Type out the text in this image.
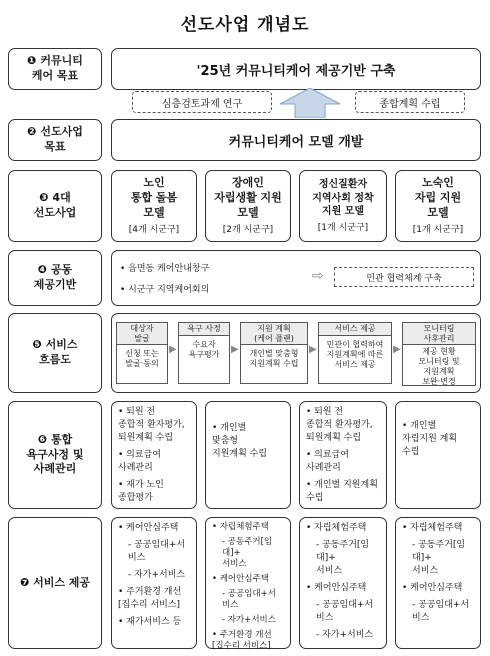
선도사업 개념도
❶ 커뮤니티
케어 목표	'25년 커뮤니티케어 제공기반 구축
심층검토과제 연구	종합계획 수립
❷ 선도사업
목표	커뮤니티케어 모델 개발
❸ 4대
선도사업
노인
통합 돌봄
모델
[4개 시군구]
장애인
자립생활 지원
모델
[2개 시군구]
정신질환자
지역사회 정착
지원 모델
[1개 시군구]
노숙인
자립 지원
모델
[1개 시군구]
❹ 공동
제공기반
• 읍면동 케어안내창구
• 시군구 지역케어회의
⇨	민관 협력체계 구축
❺ 서비스
흐름도
대상자
발굴
신청 또는
발굴·동의
▶
욕구 사정
수요자
욕구평가	▶
지원 계획
(케어 플랜)
개인별 맞춤형
지원계획 수립
▶
서비스 제공
민관이 협력하여
지원계획에 따른
서비스 제공
▶
모니터링
사후관리
제공 현황
모니터링 및
지원계획
보완·변경
❻ 통합
욕구사정 및
사례관리
• 퇴원 전
종합적 환자평가,
퇴원계획 수립
• 의료급여
사례관리
• 재가 노인
종합평가
• 개인별
맞춤형
지원계획 수립
• 퇴원 전
종합적 환자평가,
퇴원계획 수립
• 의료급여
사례관리
• 개인별 지원계획
수립
• 개인별
자립지원 계획
수립
❼ 서비스 제공
• 케어안심주택
- 공공임대+서비스
- 자가+서비스
• 주거환경 개선
[집수리 서비스]
• 재가서비스 등
• 자립체험주택
- 공동주거[임대]+
서비스
• 케어안심주택
- 공공임대+서비스
- 자가+서비스
• 주거환경 개선
[집수리 서비스]
• 자립체험주택
- 공동주거[임대]+
서비스
• 케어안심주택
- 공공임대+서비스
- 자가+서비스
• 자립체험주택
- 공동주거[임대]+
서비스
• 케어안심주택
- 공공임대+서비스
